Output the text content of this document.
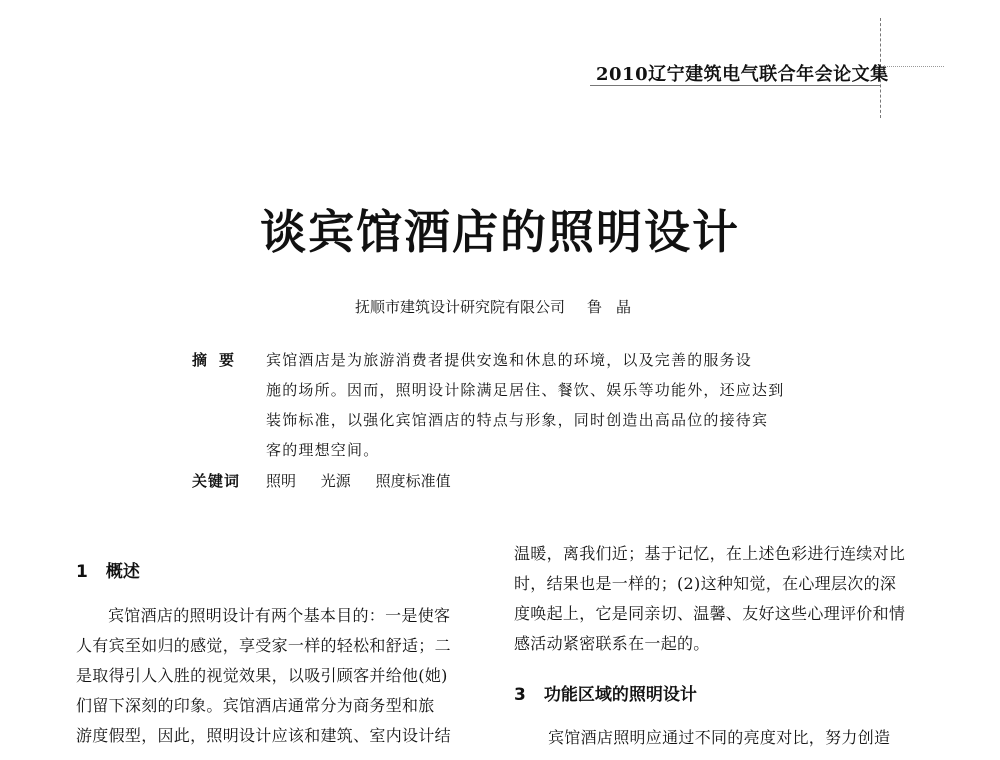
2010辽宁建筑电气联合年会论文集
谈宾馆酒店的照明设计
抚顺市建筑设计研究院有限公司 鲁晶
摘要 宾馆酒店是为旅游消费者提供安逸和休息的环境，以及完善的服务设
施的场所。因而，照明设计除满足居住、餐饮、娱乐等功能外，还应达到
装饰标准，以强化宾馆酒店的特点与形象，同时创造出高品位的接待宾
客的理想空间。
关键词 照明 光源 照度标准值
1 概述
宾馆酒店的照明设计有两个基本目的：一是使客
人有宾至如归的感觉，享受家一样的轻松和舒适；二
是取得引人入胜的视觉效果，以吸引顾客并给他(她)
们留下深刻的印象。宾馆酒店通常分为商务型和旅
游度假型，因此，照明设计应该和建筑、室内设计结
温暖，离我们近；基于记忆，在上述色彩进行连续对比
时，结果也是一样的；(2)这种知觉，在心理层次的深
度唤起上，它是同亲切、温馨、友好这些心理评价和情
感活动紧密联系在一起的。
3 功能区域的照明设计
宾馆酒店照明应通过不同的亮度对比，努力创造
